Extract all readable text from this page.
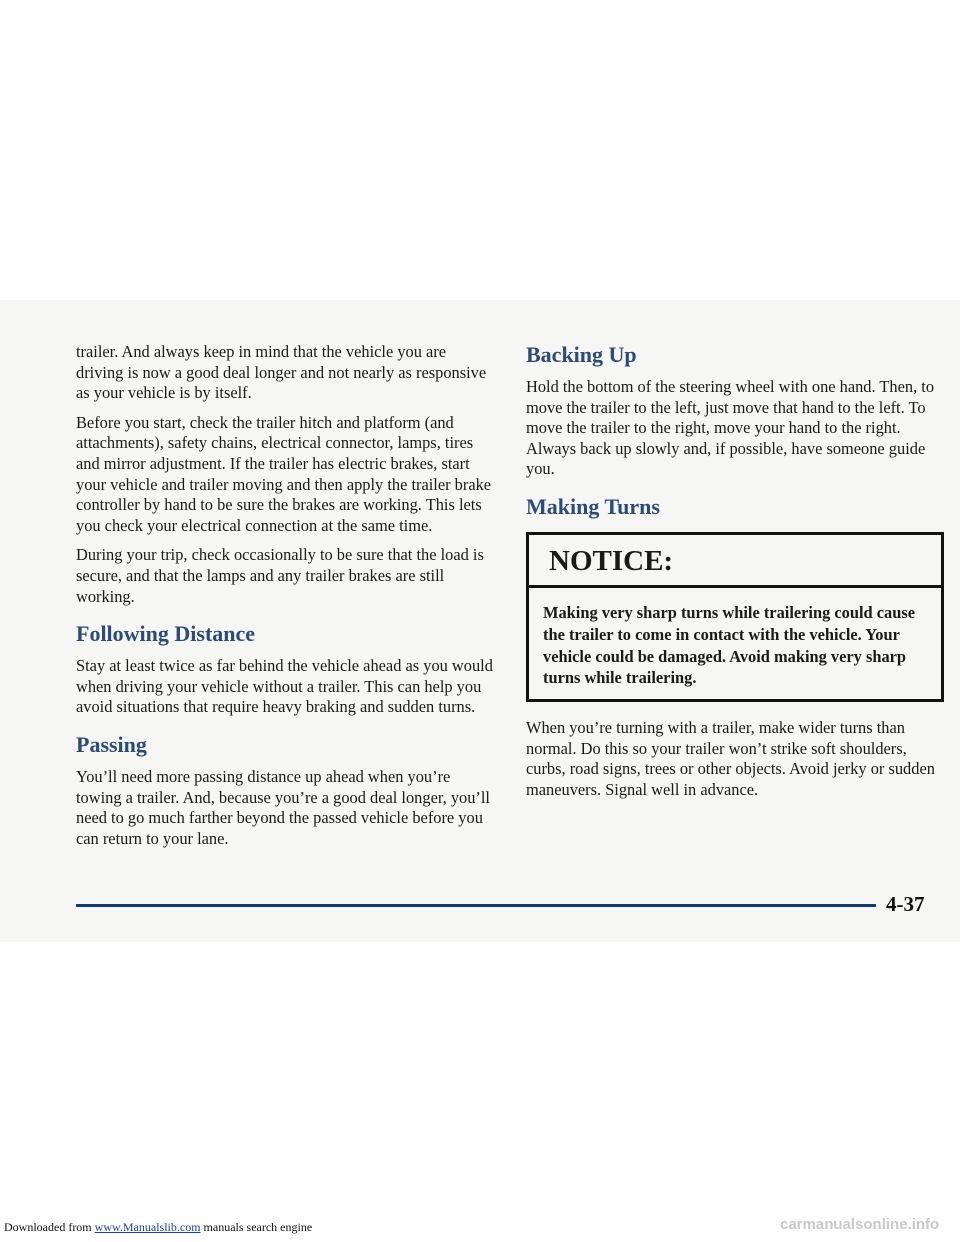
trailer. And always keep in mind that the vehicle you are driving is now a good deal longer and not nearly as responsive as your vehicle is by itself.

Before you start, check the trailer hitch and platform (and attachments), safety chains, electrical connector, lamps, tires and mirror adjustment. If the trailer has electric brakes, start your vehicle and trailer moving and then apply the trailer brake controller by hand to be sure the brakes are working. This lets you check your electrical connection at the same time.

During your trip, check occasionally to be sure that the load is secure, and that the lamps and any trailer brakes are still working.

Following Distance

Stay at least twice as far behind the vehicle ahead as you would when driving your vehicle without a trailer. This can help you avoid situations that require heavy braking and sudden turns.

Passing

You’ll need more passing distance up ahead when you’re towing a trailer. And, because you’re a good deal longer, you’ll need to go much farther beyond the passed vehicle before you can return to your lane.

Backing Up

Hold the bottom of the steering wheel with one hand. Then, to move the trailer to the left, just move that hand to the left. To move the trailer to the right, move your hand to the right. Always back up slowly and, if possible, have someone guide you.

Making Turns
NOTICE:
Making very sharp turns while trailering could cause the trailer to come in contact with the vehicle. Your vehicle could be damaged. Avoid making very sharp turns while trailering.

When you’re turning with a trailer, make wider turns than normal. Do this so your trailer won’t strike soft shoulders, curbs, road signs, trees or other objects. Avoid jerky or sudden maneuvers. Signal well in advance.

4-37
Downloaded from www.Manualslib.com manuals search engine	carmanualsonline.info
